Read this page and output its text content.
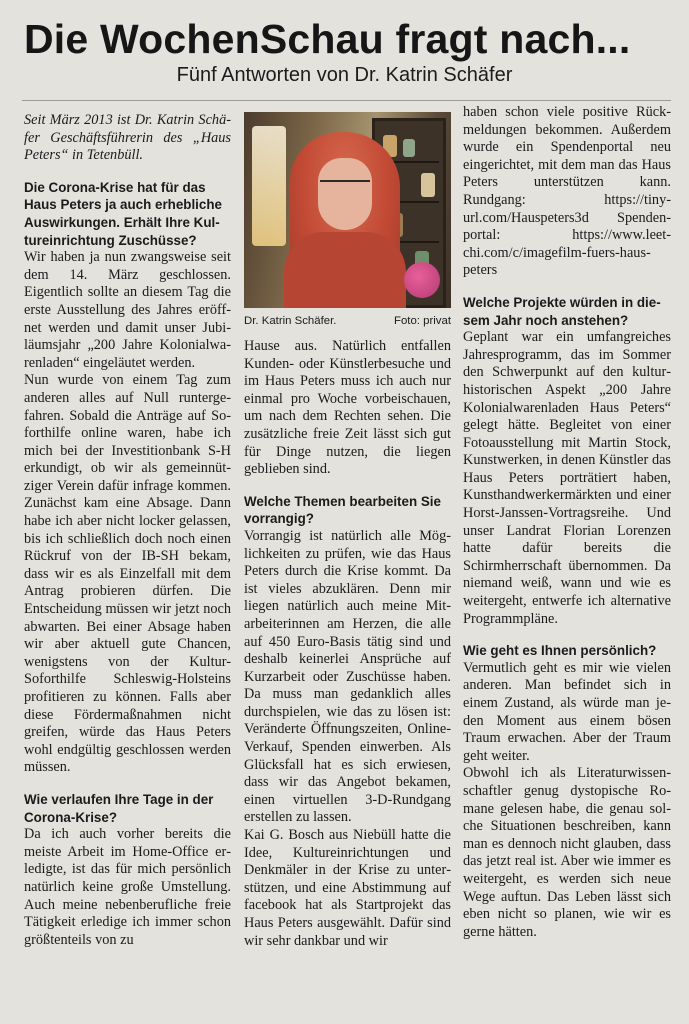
Die WochenSchau fragt nach...
Fünf Antworten von Dr. Katrin Schäfer

Seit März 2013 ist Dr. Katrin Schäfer Geschäftsführerin des „Haus Peters“ in Tetenbüll.

Die Corona-Krise hat für das Haus Peters ja auch erhebliche Auswirkungen. Erhält Ihre Kultureinrichtung Zuschüsse?

Wir haben ja nun zwangsweise seit dem 14. März geschlossen. Eigentlich sollte an diesem Tag die erste Ausstellung des Jahres eröffnet werden und damit unser Jubiläumsjahr „200 Jahre Kolonialwarenladen“ eingeläutet werden.

Nun wurde von einem Tag zum anderen alles auf Null runtergefahren. Sobald die Anträge auf Soforthilfe online waren, habe ich mich bei der Investitionbank S-H erkundigt, ob wir als gemeinnütziger Verein dafür infrage kommen. Zunächst kam eine Absage. Dann habe ich aber nicht locker gelassen, bis ich schließlich doch noch einen Rückruf von der IB-SH bekam, dass wir es als Einzelfall mit dem Antrag probieren dürfen. Die Entscheidung müssen wir jetzt noch abwarten. Bei einer Absage haben wir aber aktuell gute Chancen, wenigstens von der Kultur-Soforthilfe Schleswig-Holsteins profitieren zu können. Falls aber diese Fördermaßnahmen nicht greifen, würde das Haus Peters wohl endgültig geschlossen werden müssen.

Wie verlaufen Ihre Tage in der Corona-Krise?

Da ich auch vorher bereits die meiste Arbeit im Home-Office erledigte, ist das für mich persönlich natürlich keine große Umstellung. Auch meine nebenberufliche freie Tätigkeit erledige ich immer schon größtenteils von zu

Dr. Katrin Schäfer.	Foto: privat

Hause aus. Natürlich entfallen Kunden- oder Künstlerbesuche und im Haus Peters muss ich auch nur einmal pro Woche vorbeischauen, um nach dem Rechten sehen. Die zusätzliche freie Zeit lässt sich gut für Dinge nutzen, die liegen geblieben sind.

Welche Themen bearbeiten Sie vorrangig?

Vorrangig ist natürlich alle Möglichkeiten zu prüfen, wie das Haus Peters durch die Krise kommt. Da ist vieles abzuklären. Denn mir liegen natürlich auch meine Mitarbeiterinnen am Herzen, die alle auf 450 Euro-Basis tätig sind und deshalb keinerlei Ansprüche auf Kurzarbeit oder Zuschüsse haben. Da muss man gedanklich alles durchspielen, wie das zu lösen ist: Veränderte Öffnungszeiten, Online-Verkauf, Spenden einwerben. Als Glücksfall hat es sich erwiesen, dass wir das Angebot bekamen, einen virtuellen 3-D-Rundgang erstellen zu lassen.

Kai G. Bosch aus Niebüll hatte die Idee, Kultureinrichtungen und Denkmäler in der Krise zu unterstützen, und eine Abstimmung auf facebook hat als Startprojekt das Haus Peters ausgewählt. Dafür sind wir sehr dankbar und wir

haben schon viele positive Rückmeldungen bekommen. Außerdem wurde ein Spendenportal neu eingerichtet, mit dem man das Haus Peters unterstützen kann. Rundgang: https://tinyurl.com/Hauspeters3d Spendenportal: https://www.leetchi.com/c/imagefilm-fuers-hauspeters

Welche Projekte würden in diesem Jahr noch anstehen?

Geplant war ein umfangreiches Jahresprogramm, das im Sommer den Schwerpunkt auf den kulturhistorischen Aspekt „200 Jahre Kolonialwarenladen Haus Peters“ gelegt hätte. Begleitet von einer Fotoausstellung mit Martin Stock, Kunstwerken, in denen Künstler das Haus Peters porträtiert haben, Kunsthandwerkermärkten und einer Horst-Janssen-Vortragsreihe. Und unser Landrat Florian Lorenzen hatte dafür bereits die Schirmherrschaft übernommen. Da niemand weiß, wann und wie es weitergeht, entwerfe ich alternative Programmpläne.

Wie geht es Ihnen persönlich?

Vermutlich geht es mir wie vielen anderen. Man befindet sich in einem Zustand, als würde man jeden Moment aus einem bösen Traum erwachen. Aber der Traum geht weiter.

Obwohl ich als Literaturwissenschaftler genug dystopische Romane gelesen habe, die genau solche Situationen beschreiben, kann man es dennoch nicht glauben, dass das jetzt real ist. Aber wie immer es weitergeht, es werden sich neue Wege auftun. Das Leben lässt sich eben nicht so planen, wie wir es gerne hätten.
